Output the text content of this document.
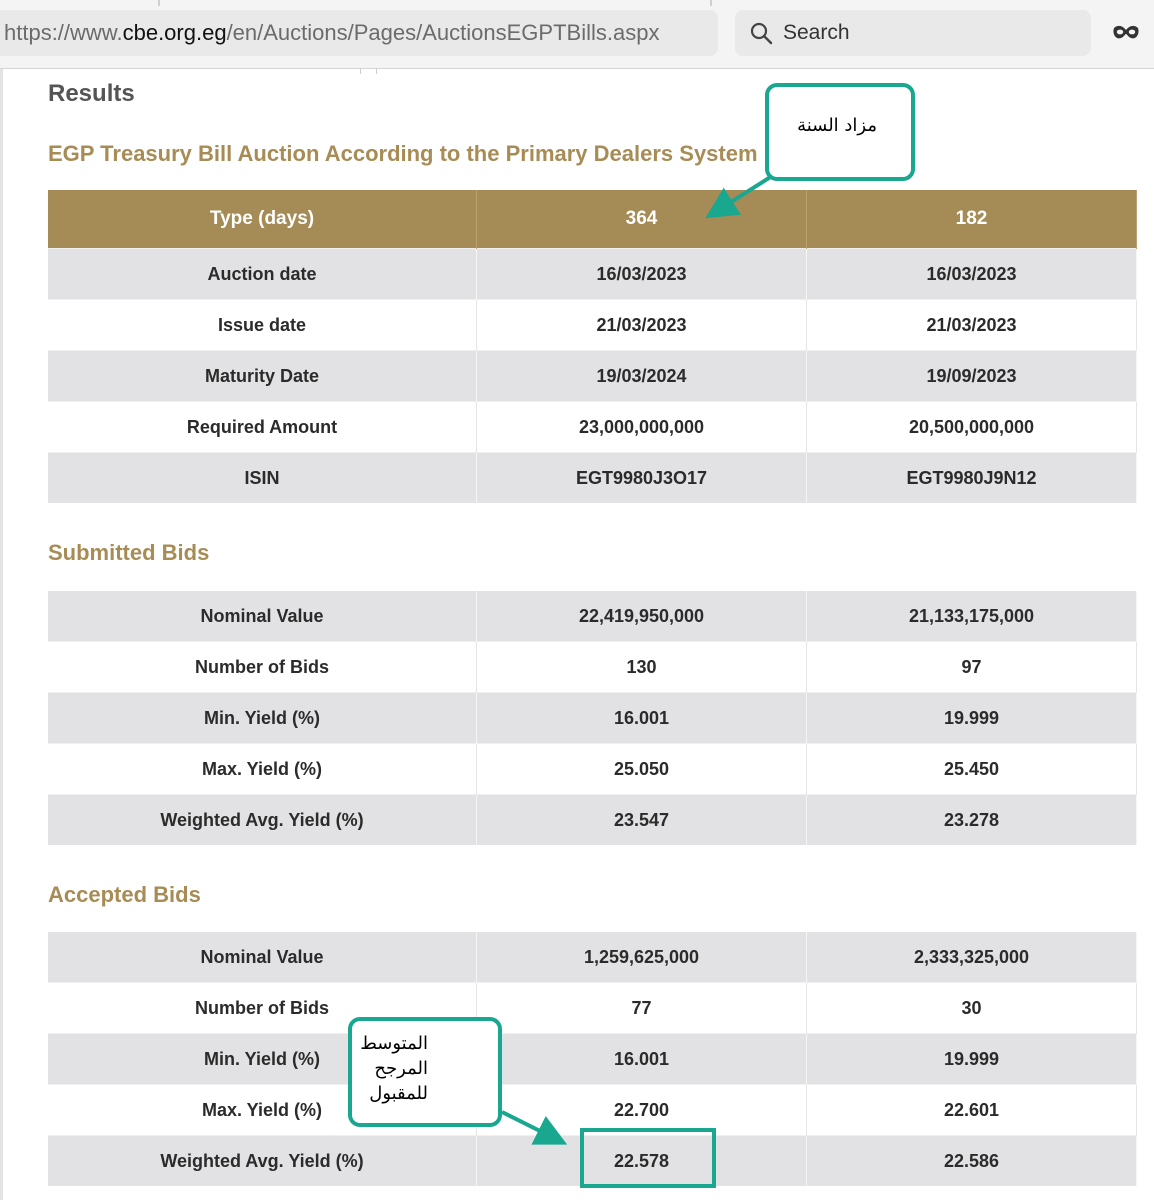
https://www.cbe.org.eg/en/Auctions/Pages/AuctionsEGPTBills.aspx	Search
Results
EGP Treasury Bill Auction According to the Primary Dealers System
Type (days)	364	182
Auction date	16/03/2023	16/03/2023
Issue date	21/03/2023	21/03/2023
Maturity Date	19/03/2024	19/09/2023
Required Amount	23,000,000,000	20,500,000,000
ISIN	EGT9980J3O17	EGT9980J9N12
Submitted Bids
Nominal Value	22,419,950,000	21,133,175,000
Number of Bids	130	97
Min. Yield (%)	16.001	19.999
Max. Yield (%)	25.050	25.450
Weighted Avg. Yield (%)	23.547	23.278
Accepted Bids
Nominal Value	1,259,625,000	2,333,325,000
Number of Bids	77	30
Min. Yield (%)	16.001	19.999
Max. Yield (%)	22.700	22.601
Weighted Avg. Yield (%)	22.578	22.586
مزاد السنة
المتوسط
المرجح
للمقبول
